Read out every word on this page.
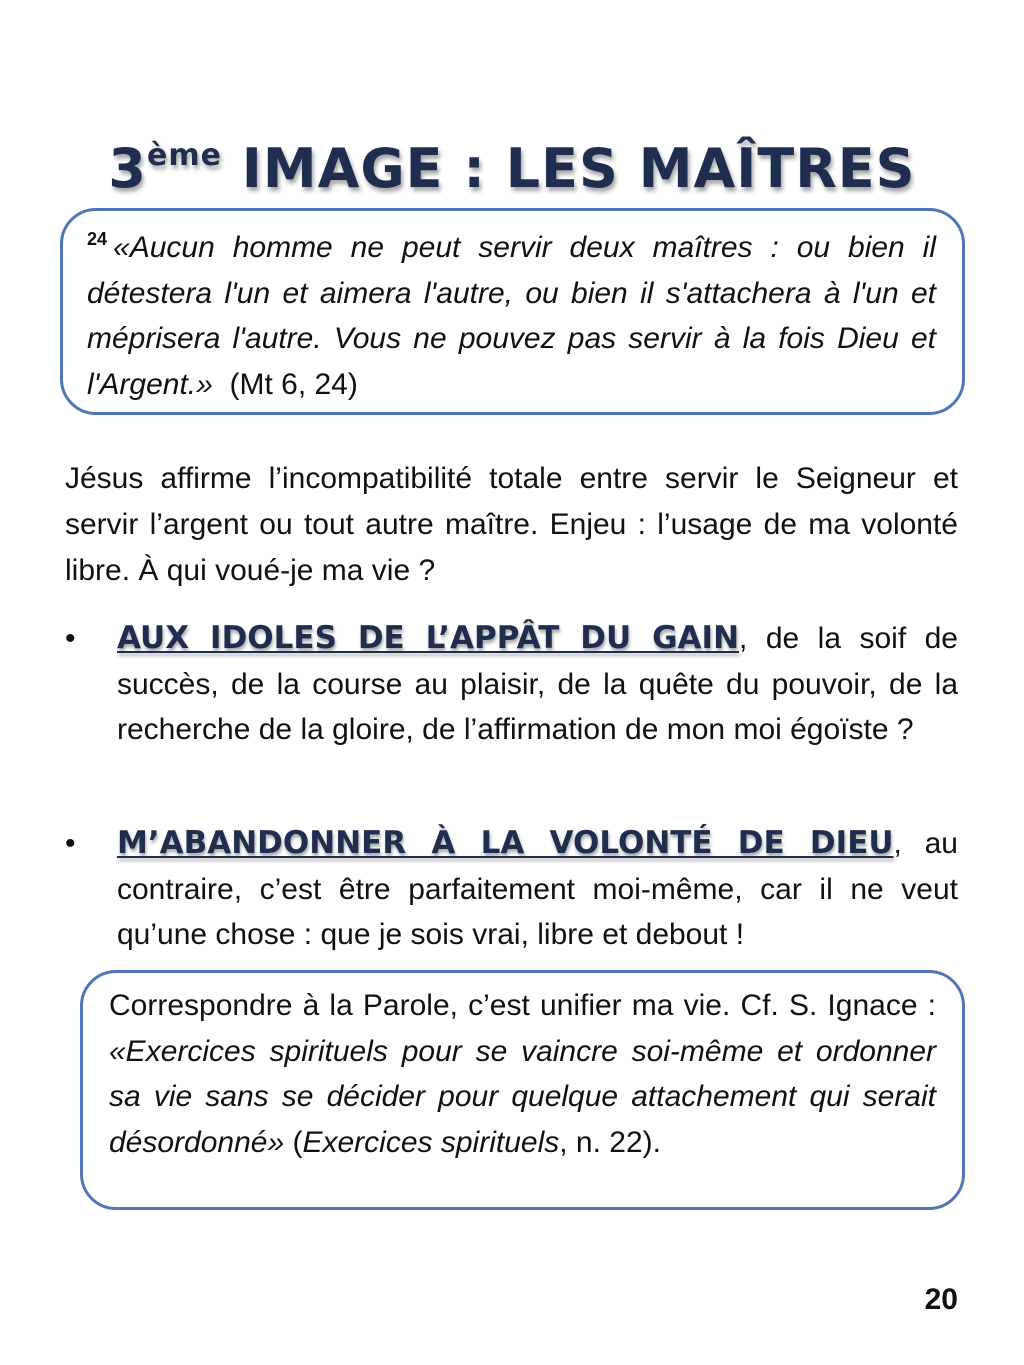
3ème IMAGE : LES MAÎTRES

$^{24}$ «Aucun homme ne peut servir deux maîtres : ou bien il détestera l'un et aimera l'autre, ou bien il s'attachera à l'un et méprisera l'autre. Vous ne pouvez pas servir à la fois Dieu et l'Argent.» (Mt 6, 24)

Jésus affirme l’incompatibilité totale entre servir le Seigneur et servir l’argent ou tout autre maître. Enjeu : l’usage de ma volonté libre. À qui voué-je ma vie ?

•	AUX IDOLES DE L’APPÂT DU GAIN, de la soif de succès, de la course au plaisir, de la quête du pouvoir, de la recherche de la gloire, de l’affirmation de mon moi égoïste ?
•	M’ABANDONNER À LA VOLONTÉ DE DIEU, au contraire, c’est être parfaitement moi-même, car il ne veut qu’une chose : que je sois vrai, libre et debout !

Correspondre à la Parole, c’est unifier ma vie. Cf. S. Ignace : «Exercices spirituels pour se vaincre soi-même et ordonner sa vie sans se décider pour quelque attachement qui serait désordonné» (Exercices spirituels, n. 22).

20
